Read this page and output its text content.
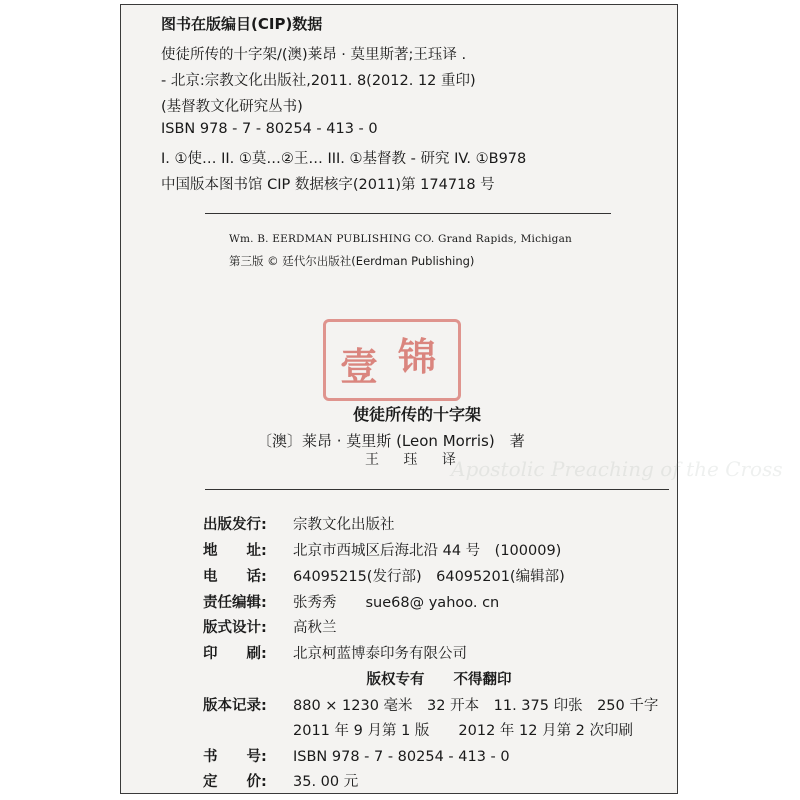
Apostolic Preaching of the Cross
图书在版编目(CIP)数据
使徒所传的十字架/(澳)莱昂 · 莫里斯著;王珏译 .
- 北京:宗教文化出版社,2011. 8(2012. 12 重印)
(基督教文化研究丛书)
ISBN 978 - 7 - 80254 - 413 - 0
I. ①使… II. ①莫…②王… III. ①基督教 - 研究 IV. ①B978
中国版本图书馆 CIP 数据核字(2011)第 174718 号
Wm. B. EERDMAN PUBLISHING CO. Grand Rapids, Michigan
第三版 © 廷代尔出版社(Eerdman Publishing)
壹 锦
使徒所传的十字架
〔澳〕莱昂 · 莫里斯 (Leon Morris)　著
王 珏 译
出版发行: 宗教文化出版社
地　　址: 北京市西城区后海北沿 44 号　(100009)
电　　话: 64095215(发行部)　64095201(编辑部)
责任编辑: 张秀秀　　sue68@ yahoo. cn
版式设计: 高秋兰
印　　刷: 北京柯蓝博泰印务有限公司
版权专有　　不得翻印
版本记录: 880 × 1230 毫米　32 开本　11. 375 印张　250 千字
2011 年 9 月第 1 版　　2012 年 12 月第 2 次印刷
书　　号: ISBN 978 - 7 - 80254 - 413 - 0
定　　价: 35. 00 元
